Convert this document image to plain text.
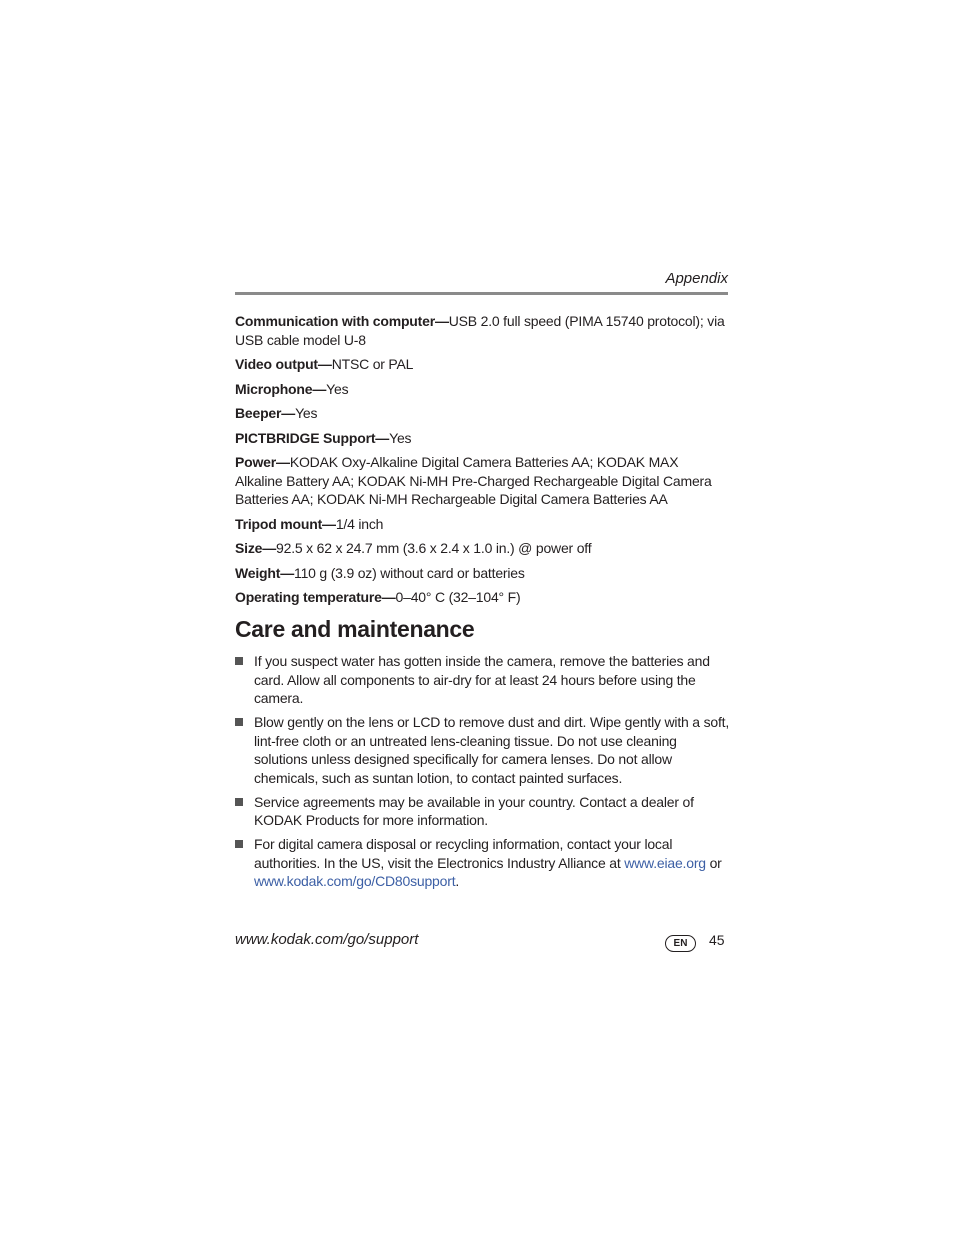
Appendix

Communication with computer—USB 2.0 full speed (PIMA 15740 protocol); via USB cable model U-8

Video output—NTSC or PAL

Microphone—Yes

Beeper—Yes

PICTBRIDGE Support—Yes

Power—KODAK Oxy-Alkaline Digital Camera Batteries AA; KODAK MAX Alkaline Battery AA; KODAK Ni-MH Pre-Charged Rechargeable Digital Camera Batteries AA; KODAK Ni-MH Rechargeable Digital Camera Batteries AA

Tripod mount—1/4 inch

Size—92.5 x 62 x 24.7 mm (3.6 x 2.4 x 1.0 in.) @ power off

Weight—110 g (3.9 oz) without card or batteries

Operating temperature—0–40° C (32–104° F)

Care and maintenance
If you suspect water has gotten inside the camera, remove the batteries and card. Allow all components to air-dry for at least 24 hours before using the camera.
Blow gently on the lens or LCD to remove dust and dirt. Wipe gently with a soft, lint-free cloth or an untreated lens-cleaning tissue. Do not use cleaning solutions unless designed specifically for camera lenses. Do not allow chemicals, such as suntan lotion, to contact painted surfaces.
Service agreements may be available in your country. Contact a dealer of KODAK Products for more information.
For digital camera disposal or recycling information, contact your local authorities. In the US, visit the Electronics Industry Alliance at www.eiae.org or www.kodak.com/go/CD80support.
www.kodak.com/go/support	EN	45
